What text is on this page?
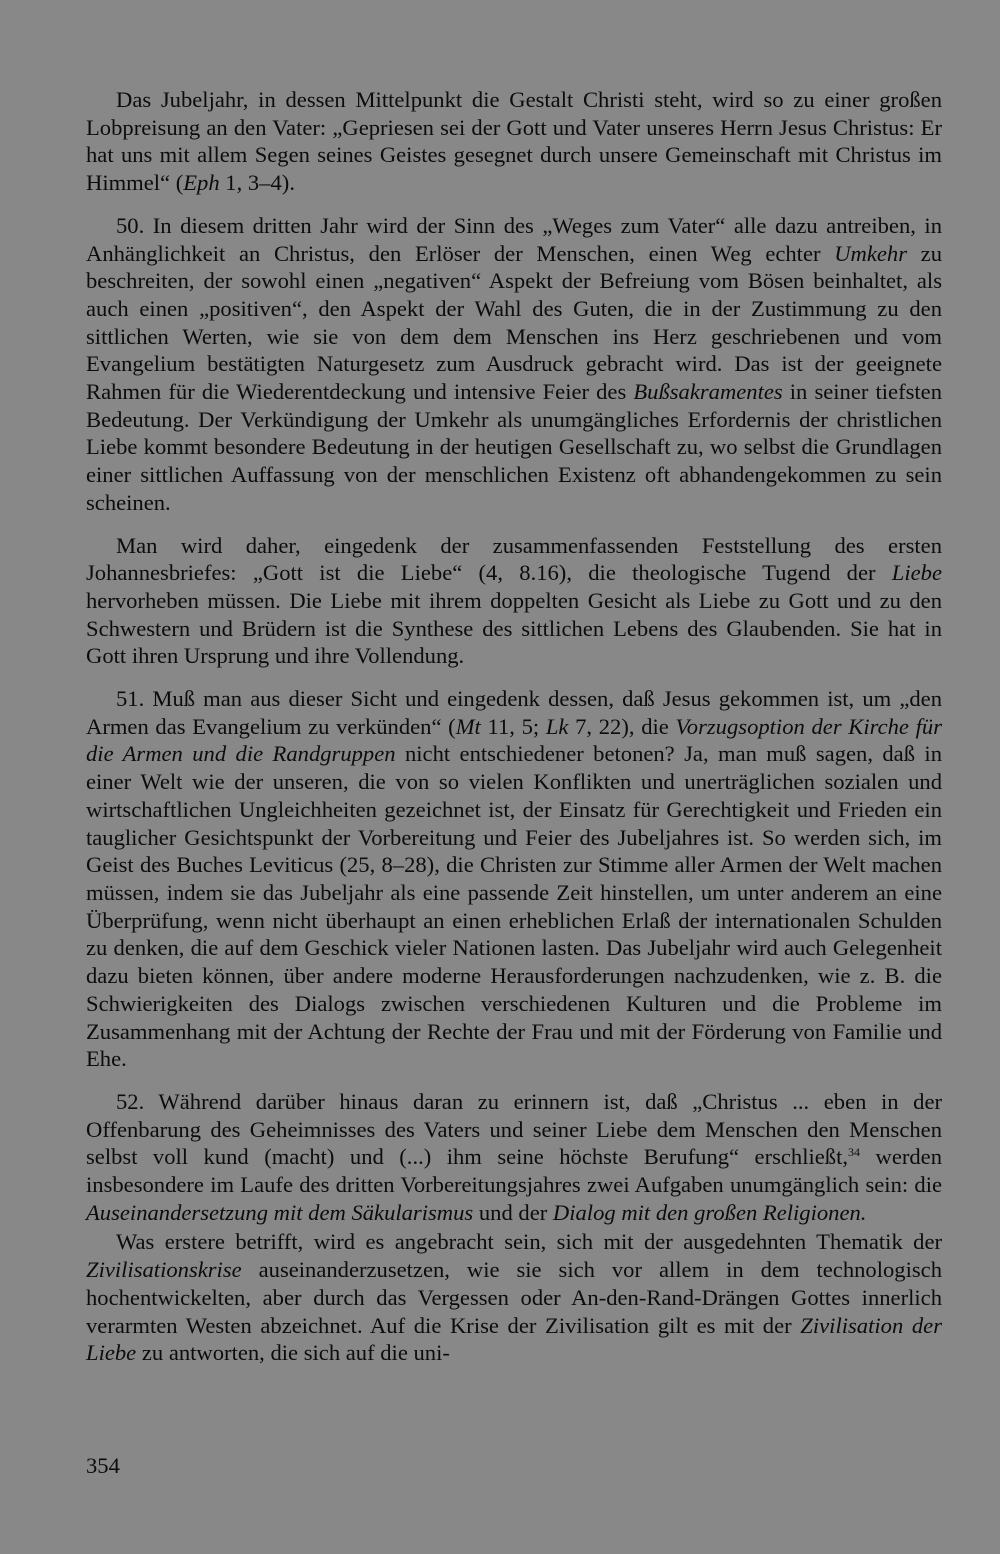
Das Jubeljahr, in dessen Mittelpunkt die Gestalt Christi steht, wird so zu einer großen Lobpreisung an den Vater: „Gepriesen sei der Gott und Vater unseres Herrn Jesus Christus: Er hat uns mit allem Segen seines Geistes gesegnet durch unsere Gemeinschaft mit Christus im Himmel“ (Eph 1, 3–4).

50. In diesem dritten Jahr wird der Sinn des „Weges zum Vater“ alle dazu antreiben, in Anhänglichkeit an Christus, den Erlöser der Menschen, einen Weg echter Umkehr zu beschreiten, der sowohl einen „negativen“ Aspekt der Befreiung vom Bösen beinhaltet, als auch einen „positiven“, den Aspekt der Wahl des Guten, die in der Zustimmung zu den sittlichen Werten, wie sie von dem dem Menschen ins Herz geschriebenen und vom Evangelium bestätigten Naturgesetz zum Ausdruck gebracht wird. Das ist der geeignete Rahmen für die Wiederentdeckung und intensive Feier des Bußsakramentes in seiner tiefsten Bedeutung. Der Verkündigung der Umkehr als unumgängliches Erfordernis der christlichen Liebe kommt besondere Bedeutung in der heutigen Gesellschaft zu, wo selbst die Grundlagen einer sittlichen Auffassung von der menschlichen Existenz oft abhandengekommen zu sein scheinen.

Man wird daher, eingedenk der zusammenfassenden Feststellung des ersten Johannesbriefes: „Gott ist die Liebe“ (4, 8.16), die theologische Tugend der Liebe hervorheben müssen. Die Liebe mit ihrem doppelten Gesicht als Liebe zu Gott und zu den Schwestern und Brüdern ist die Synthese des sittlichen Lebens des Glaubenden. Sie hat in Gott ihren Ursprung und ihre Vollendung.

51. Muß man aus dieser Sicht und eingedenk dessen, daß Jesus gekommen ist, um „den Armen das Evangelium zu verkünden“ (Mt 11, 5; Lk 7, 22), die Vorzugsoption der Kirche für die Armen und die Randgruppen nicht entschiedener betonen? Ja, man muß sagen, daß in einer Welt wie der unseren, die von so vielen Konflikten und unerträglichen sozialen und wirtschaftlichen Ungleichheiten gezeichnet ist, der Einsatz für Gerechtigkeit und Frieden ein tauglicher Gesichtspunkt der Vorbereitung und Feier des Jubeljahres ist. So werden sich, im Geist des Buches Leviticus (25, 8–28), die Christen zur Stimme aller Armen der Welt machen müssen, indem sie das Jubeljahr als eine passende Zeit hinstellen, um unter anderem an eine Überprüfung, wenn nicht überhaupt an einen erheblichen Erlaß der internationalen Schulden zu denken, die auf dem Geschick vieler Nationen lasten. Das Jubeljahr wird auch Gelegenheit dazu bieten können, über andere moderne Herausforderungen nachzudenken, wie z. B. die Schwierigkeiten des Dialogs zwischen verschiedenen Kulturen und die Probleme im Zusammenhang mit der Achtung der Rechte der Frau und mit der Förderung von Familie und Ehe.

52. Während darüber hinaus daran zu erinnern ist, daß „Christus ... eben in der Offenbarung des Geheimnisses des Vaters und seiner Liebe dem Menschen den Menschen selbst voll kund (macht) und (...) ihm seine höchste Berufung“ erschließt,$^{34}$ werden insbesondere im Laufe des dritten Vorbereitungsjahres zwei Aufgaben unumgänglich sein: die Auseinandersetzung mit dem Säkularismus und der Dialog mit den großen Religionen.

Was erstere betrifft, wird es angebracht sein, sich mit der ausgedehnten Thematik der Zivilisationskrise auseinanderzusetzen, wie sie sich vor allem in dem technologisch hochentwickelten, aber durch das Vergessen oder An-den-Rand-Drängen Gottes innerlich verarmten Westen abzeichnet. Auf die Krise der Zivilisation gilt es mit der Zivilisation der Liebe zu antworten, die sich auf die uni-

354
